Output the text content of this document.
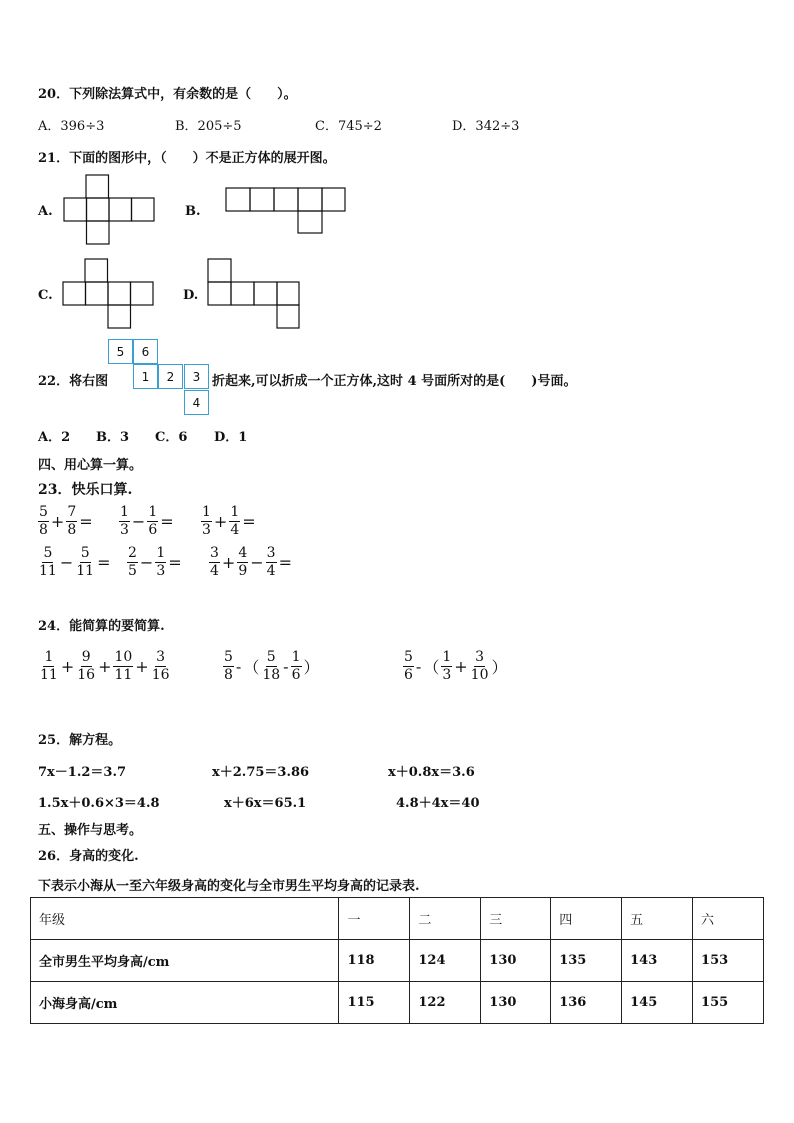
20．下列除法算式中，有余数的是（　　）。
A．396÷3	B．205÷5	C．745÷2	D．342÷3
21．下面的图形中，（　　）不是正方体的展开图。
A.	B.
C.	D.
22．将右图
5	6
1	2	3
4
折起来,可以折成一个正方体,这时 4 号面所对的是(　　)号面。
A．2 B．3 C．6 D．1
四、用心算一算。
23．快乐口算.
$\frac{5}{8} + \frac{7}{8} = \frac{1}{3} - \frac{1}{6} = \frac{1}{3} + \frac{1}{4}$ =
$\frac{5}{11} - \frac{5}{11} = \frac{2}{5} - \frac{1}{3} = \frac{3}{4} + \frac{4}{9} - \frac{3}{4}$ =
24．能简算的要简算.
$\frac{1}{11} + \frac{9}{16} + \frac{10}{11} + \frac{3}{16}$	$\frac{5}{8}$ - （ $\frac{5}{18} - \frac{1}{6}$ ）	$\frac{5}{6}$ - （ $\frac{1}{3} + \frac{3}{10}$ ）
25．解方程。
7x－1.2＝3.7	x＋2.75＝3.86	x＋0.8x＝3.6
1.5x＋0.6×3＝4.8	x＋6x＝65.1	4.8＋4x＝40
五、操作与思考。
26．身高的变化.
下表示小海从一至六年级身高的变化与全市男生平均身高的记录表.
年级	一	二	三	四	五	六
全市男生平均身高/cm	118	124	130	135	143	153
小海身高/cm	115	122	130	136	145	155
